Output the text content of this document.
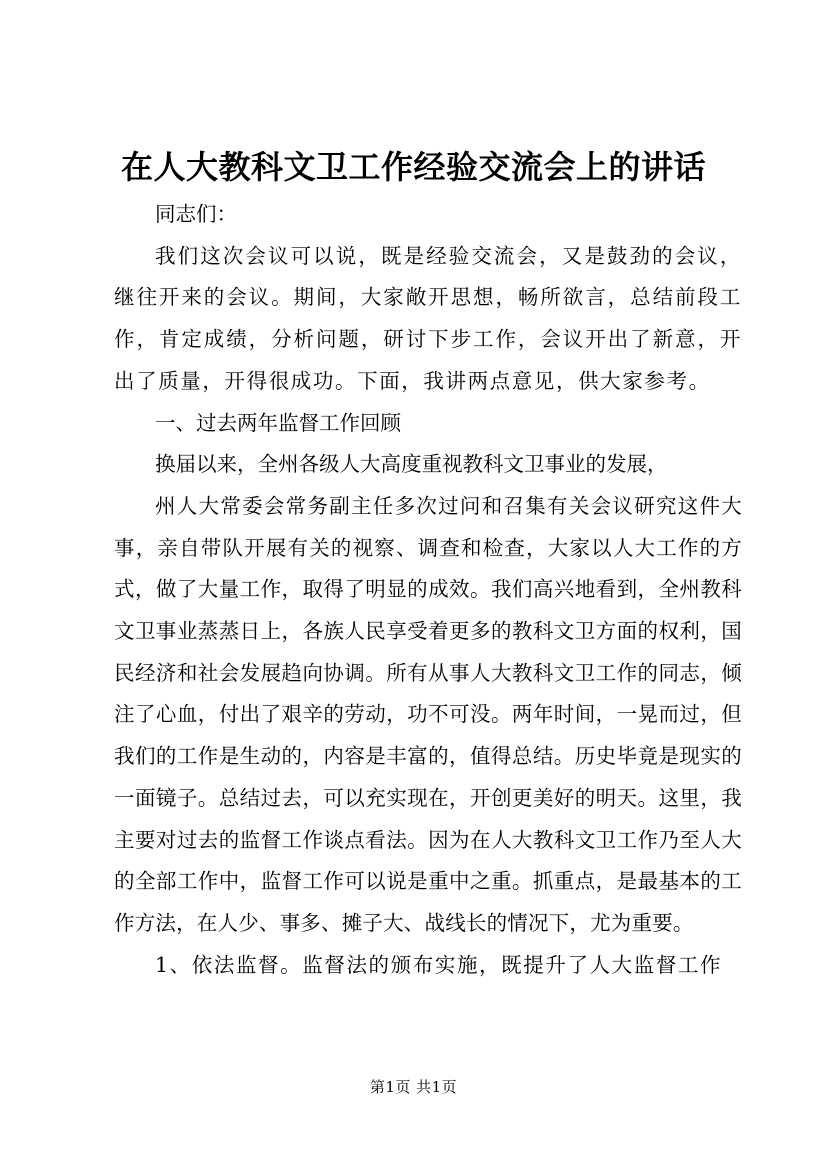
在人大教科文卫工作经验交流会上的讲话

同志们：

我们这次会议可以说，既是经验交流会，又是鼓劲的会议，继往开来的会议。期间，大家敞开思想，畅所欲言，总结前段工作，肯定成绩，分析问题，研讨下步工作，会议开出了新意，开出了质量，开得很成功。下面，我讲两点意见，供大家参考。

一、过去两年监督工作回顾

换届以来，全州各级人大高度重视教科文卫事业的发展，

州人大常委会常务副主任多次过问和召集有关会议研究这件大事，亲自带队开展有关的视察、调查和检查，大家以人大工作的方式，做了大量工作，取得了明显的成效。我们高兴地看到，全州教科文卫事业蒸蒸日上，各族人民享受着更多的教科文卫方面的权利，国民经济和社会发展趋向协调。所有从事人大教科文卫工作的同志，倾注了心血，付出了艰辛的劳动，功不可没。两年时间，一晃而过，但我们的工作是生动的，内容是丰富的，值得总结。历史毕竟是现实的一面镜子。总结过去，可以充实现在，开创更美好的明天。这里，我主要对过去的监督工作谈点看法。因为在人大教科文卫工作乃至人大的全部工作中，监督工作可以说是重中之重。抓重点，是最基本的工作方法，在人少、事多、摊子大、战线长的情况下，尤为重要。

1、依法监督。监督法的颁布实施，既提升了人大监督工作

第1页 共1页
